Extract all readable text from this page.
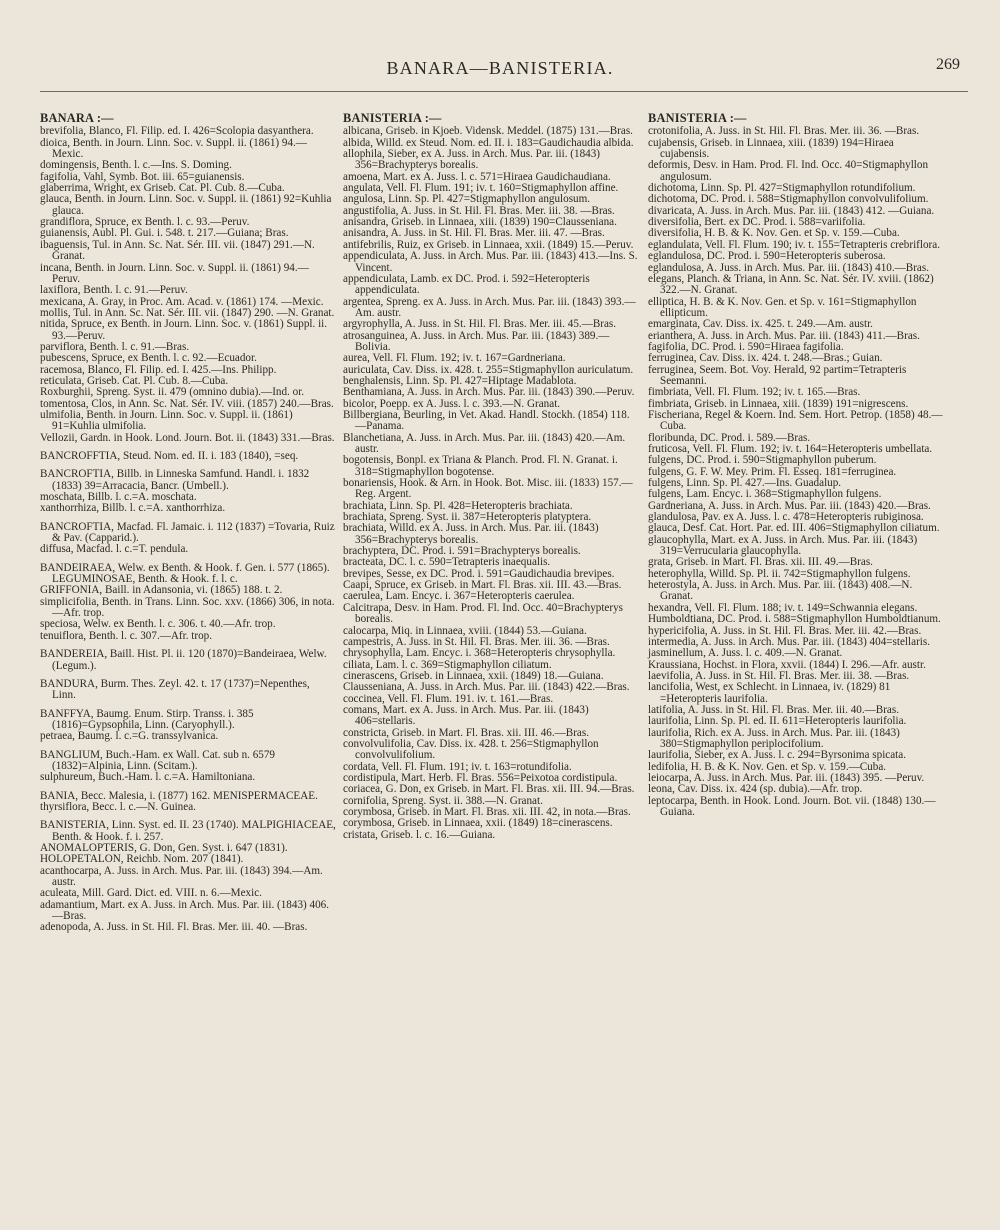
BANARA—BANISTERIA.	269

BANARA :—

brevifolia, Blanco, Fl. Filip. ed. I. 426=Scolopia dasyanthera.

dioica, Benth. in Journ. Linn. Soc. v. Suppl. ii. (1861) 94.—Mexic.

domingensis, Benth. l. c.—Ins. S. Doming.

fagifolia, Vahl, Symb. Bot. iii. 65=guianensis.

glaberrima, Wright, ex Griseb. Cat. Pl. Cub. 8.—Cuba.

glauca, Benth. in Journ. Linn. Soc. v. Suppl. ii. (1861) 92=Kuhlia glauca.

grandiflora, Spruce, ex Benth. l. c. 93.—Peruv.

guianensis, Aubl. Pl. Gui. i. 548. t. 217.—Guiana; Bras.

ibaguensis, Tul. in Ann. Sc. Nat. Sér. III. vii. (1847) 291.—N. Granat.

incana, Benth. in Journ. Linn. Soc. v. Suppl. ii. (1861) 94.—Peruv.

laxiflora, Benth. l. c. 91.—Peruv.

mexicana, A. Gray, in Proc. Am. Acad. v. (1861) 174. —Mexic.

mollis, Tul. in Ann. Sc. Nat. Sér. III. vii. (1847) 290. —N. Granat.

nitida, Spruce, ex Benth. in Journ. Linn. Soc. v. (1861) Suppl. ii. 93.—Peruv.

parviflora, Benth. l. c. 91.—Bras.

pubescens, Spruce, ex Benth. l. c. 92.—Ecuador.

racemosa, Blanco, Fl. Filip. ed. I. 425.—Ins. Philipp.

reticulata, Griseb. Cat. Pl. Cub. 8.—Cuba.

Roxburghii, Spreng. Syst. ii. 479 (omnino dubia).—Ind. or.

tomentosa, Clos, in Ann. Sc. Nat. Sér. IV. viii. (1857) 240.—Bras.

ulmifolia, Benth. in Journ. Linn. Soc. v. Suppl. ii. (1861) 91=Kuhlia ulmifolia.

Vellozii, Gardn. in Hook. Lond. Journ. Bot. ii. (1843) 331.—Bras.

BANCROFFTIA, Steud. Nom. ed. II. i. 183 (1840), =seq.

BANCROFTIA, Billb. in Linneska Samfund. Handl. i. 1832 (1833) 39=Arracacia, Bancr. (Umbell.).

moschata, Billb. l. c.=A. moschata.

xanthorrhiza, Billb. l. c.=A. xanthorrhiza.

BANCROFTIA, Macfad. Fl. Jamaic. i. 112 (1837) =Tovaria, Ruiz & Pav. (Capparid.).

diffusa, Macfad. l. c.=T. pendula.

BANDEIRAEA, Welw. ex Benth. & Hook. f. Gen. i. 577 (1865). LEGUMINOSAE, Benth. & Hook. f. l. c.

GRIFFONIA, Baill. in Adansonia, vi. (1865) 188. t. 2.

simplicifolia, Benth. in Trans. Linn. Soc. xxv. (1866) 306, in nota.—Afr. trop.

speciosa, Welw. ex Benth. l. c. 306. t. 40.—Afr. trop.

tenuiflora, Benth. l. c. 307.—Afr. trop.

BANDEREIA, Baill. Hist. Pl. ii. 120 (1870)=Bandeiraea, Welw. (Legum.).

BANDURA, Burm. Thes. Zeyl. 42. t. 17 (1737)=Nepenthes, Linn.

BANFFYA, Baumg. Enum. Stirp. Transs. i. 385 (1816)=Gypsophila, Linn. (Caryophyll.).

petraea, Baumg. l. c.=G. transsylvanica.

BANGLIUM, Buch.-Ham. ex Wall. Cat. sub n. 6579 (1832)=Alpinia, Linn. (Scitam.).

sulphureum, Buch.-Ham. l. c.=A. Hamiltoniana.

BANIA, Becc. Malesia, i. (1877) 162. MENISPERMACEAE.

thyrsiflora, Becc. l. c.—N. Guinea.

BANISTERIA, Linn. Syst. ed. II. 23 (1740). MALPIGHIACEAE, Benth. & Hook. f. i. 257.

ANOMALOPTERIS, G. Don, Gen. Syst. i. 647 (1831).

HOLOPETALON, Reichb. Nom. 207 (1841).

acanthocarpa, A. Juss. in Arch. Mus. Par. iii. (1843) 394.—Am. austr.

aculeata, Mill. Gard. Dict. ed. VIII. n. 6.—Mexic.

adamantium, Mart. ex A. Juss. in Arch. Mus. Par. iii. (1843) 406.—Bras.

adenopoda, A. Juss. in St. Hil. Fl. Bras. Mer. iii. 40. —Bras.

BANISTERIA :—

albicana, Griseb. in Kjoeb. Vidensk. Meddel. (1875) 131.—Bras.

albida, Willd. ex Steud. Nom. ed. II. i. 183=Gaudichaudia albida.

allophila, Sieber, ex A. Juss. in Arch. Mus. Par. iii. (1843) 356=Brachypterys borealis.

amoena, Mart. ex A. Juss. l. c. 571=Hiraea Gaudichaudiana.

angulata, Vell. Fl. Flum. 191; iv. t. 160=Stigmaphyllon affine.

angulosa, Linn. Sp. Pl. 427=Stigmaphyllon angulosum.

angustifolia, A. Juss. in St. Hil. Fl. Bras. Mer. iii. 38. —Bras.

anisandra, Griseb. in Linnaea, xiii. (1839) 190=Clausseniana.

anisandra, A. Juss. in St. Hil. Fl. Bras. Mer. iii. 47. —Bras.

antifebrilis, Ruiz, ex Griseb. in Linnaea, xxii. (1849) 15.—Peruv.

appendiculata, A. Juss. in Arch. Mus. Par. iii. (1843) 413.—Ins. S. Vincent.

appendiculata, Lamb. ex DC. Prod. i. 592=Heteropteris appendiculata.

argentea, Spreng. ex A. Juss. in Arch. Mus. Par. iii. (1843) 393.—Am. austr.

argyrophylla, A. Juss. in St. Hil. Fl. Bras. Mer. iii. 45.—Bras.

atrosanguinea, A. Juss. in Arch. Mus. Par. iii. (1843) 389.—Bolivia.

aurea, Vell. Fl. Flum. 192; iv. t. 167=Gardneriana.

auriculata, Cav. Diss. ix. 428. t. 255=Stigmaphyllon auriculatum.

benghalensis, Linn. Sp. Pl. 427=Hiptage Madablota.

Benthamiana, A. Juss. in Arch. Mus. Par. iii. (1843) 390.—Peruv.

bicolor, Poepp. ex A. Juss. l. c. 393.—N. Granat.

Billbergiana, Beurling, in Vet. Akad. Handl. Stockh. (1854) 118.—Panama.

Blanchetiana, A. Juss. in Arch. Mus. Par. iii. (1843) 420.—Am. austr.

bogotensis, Bonpl. ex Triana & Planch. Prod. Fl. N. Granat. i. 318=Stigmaphyllon bogotense.

bonariensis, Hook. & Arn. in Hook. Bot. Misc. iii. (1833) 157.—Reg. Argent.

brachiata, Linn. Sp. Pl. 428=Heteropteris brachiata.

brachiata, Spreng. Syst. ii. 387=Heteropteris platyptera.

brachiata, Willd. ex A. Juss. in Arch. Mus. Par. iii. (1843) 356=Brachypterys borealis.

brachyptera, DC. Prod. i. 591=Brachypterys borealis.

bracteata, DC. l. c. 590=Tetrapteris inaequalis.

brevipes, Sesse, ex DC. Prod. i. 591=Gaudichaudia brevipes.

Caapi, Spruce, ex Griseb. in Mart. Fl. Bras. xii. III. 43.—Bras.

caerulea, Lam. Encyc. i. 367=Heteropteris caerulea.

Calcitrapa, Desv. in Ham. Prod. Fl. Ind. Occ. 40=Brachypterys borealis.

calocarpa, Miq. in Linnaea, xviii. (1844) 53.—Guiana.

campestris, A. Juss. in St. Hil. Fl. Bras. Mer. iii. 36. —Bras.

chrysophylla, Lam. Encyc. i. 368=Heteropteris chrysophylla.

ciliata, Lam. l. c. 369=Stigmaphyllon ciliatum.

cinerascens, Griseb. in Linnaea, xxii. (1849) 18.—Guiana.

Clausseniana, A. Juss. in Arch. Mus. Par. iii. (1843) 422.—Bras.

coccinea, Vell. Fl. Flum. 191. iv. t. 161.—Bras.

comans, Mart. ex A. Juss. in Arch. Mus. Par. iii. (1843) 406=stellaris.

constricta, Griseb. in Mart. Fl. Bras. xii. III. 46.—Bras.

convolvulifolia, Cav. Diss. ix. 428. t. 256=Stigmaphyllon convolvulifolium.

cordata, Vell. Fl. Flum. 191; iv. t. 163=rotundifolia.

cordistipula, Mart. Herb. Fl. Bras. 556=Peixotoa cordistipula.

coriacea, G. Don, ex Griseb. in Mart. Fl. Bras. xii. III. 94.—Bras.

cornifolia, Spreng. Syst. ii. 388.—N. Granat.

corymbosa, Griseb. in Mart. Fl. Bras. xii. III. 42, in nota.—Bras.

corymbosa, Griseb. in Linnaea, xxii. (1849) 18=cinerascens.

cristata, Griseb. l. c. 16.—Guiana.

BANISTERIA :—

crotonifolia, A. Juss. in St. Hil. Fl. Bras. Mer. iii. 36. —Bras.

cujabensis, Griseb. in Linnaea, xiii. (1839) 194=Hiraea cujabensis.

deformis, Desv. in Ham. Prod. Fl. Ind. Occ. 40=Stigmaphyllon angulosum.

dichotoma, Linn. Sp. Pl. 427=Stigmaphyllon rotundifolium.

dichotoma, DC. Prod. i. 588=Stigmaphyllon convolvulifolium.

divaricata, A. Juss. in Arch. Mus. Par. iii. (1843) 412. —Guiana.

diversifolia, Bert. ex DC. Prod. i. 588=variifolia.

diversifolia, H. B. & K. Nov. Gen. et Sp. v. 159.—Cuba.

eglandulata, Vell. Fl. Flum. 190; iv. t. 155=Tetrapteris crebriflora.

eglandulosa, DC. Prod. i. 590=Heteropteris suberosa.

eglandulosa, A. Juss. in Arch. Mus. Par. iii. (1843) 410.—Bras.

elegans, Planch. & Triana, in Ann. Sc. Nat. Sér. IV. xviii. (1862) 322.—N. Granat.

elliptica, H. B. & K. Nov. Gen. et Sp. v. 161=Stigmaphyllon ellipticum.

emarginata, Cav. Diss. ix. 425. t. 249.—Am. austr.

erianthera, A. Juss. in Arch. Mus. Par. iii. (1843) 411.—Bras.

fagifolia, DC. Prod. i. 590=Hiraea fagifolia.

ferruginea, Cav. Diss. ix. 424. t. 248.—Bras.; Guian.

ferruginea, Seem. Bot. Voy. Herald, 92 partim=Tetrapteris Seemanni.

fimbriata, Vell. Fl. Flum. 192; iv. t. 165.—Bras.

fimbriata, Griseb. in Linnaea, xiii. (1839) 191=nigrescens.

Fischeriana, Regel & Koern. Ind. Sem. Hort. Petrop. (1858) 48.—Cuba.

floribunda, DC. Prod. i. 589.—Bras.

fruticosa, Vell. Fl. Flum. 192; iv. t. 164=Heteropteris umbellata.

fulgens, DC. Prod. i. 590=Stigmaphyllon puberum.

fulgens, G. F. W. Mey. Prim. Fl. Esseq. 181=ferruginea.

fulgens, Linn. Sp. Pl. 427.—Ins. Guadalup.

fulgens, Lam. Encyc. i. 368=Stigmaphyllon fulgens.

Gardneriana, A. Juss. in Arch. Mus. Par. iii. (1843) 420.—Bras.

glandulosa, Pav. ex A. Juss. l. c. 478=Heteropteris rubiginosa.

glauca, Desf. Cat. Hort. Par. ed. III. 406=Stigmaphyllon ciliatum.

glaucophylla, Mart. ex A. Juss. in Arch. Mus. Par. iii. (1843) 319=Verrucularia glaucophylla.

grata, Griseb. in Mart. Fl. Bras. xii. III. 49.—Bras.

heterophylla, Willd. Sp. Pl. ii. 742=Stigmaphyllon fulgens.

heterostyla, A. Juss. in Arch. Mus. Par. iii. (1843) 408.—N. Granat.

hexandra, Vell. Fl. Flum. 188; iv. t. 149=Schwannia elegans.

Humboldtiana, DC. Prod. i. 588=Stigmaphyllon Humboldtianum.

hypericifolia, A. Juss. in St. Hil. Fl. Bras. Mer. iii. 42.—Bras.

intermedia, A. Juss. in Arch. Mus. Par. iii. (1843) 404=stellaris.

jasminellum, A. Juss. l. c. 409.—N. Granat.

Kraussiana, Hochst. in Flora, xxvii. (1844) I. 296.—Afr. austr.

laevifolia, A. Juss. in St. Hil. Fl. Bras. Mer. iii. 38. —Bras.

lancifolia, West, ex Schlecht. in Linnaea, iv. (1829) 81 =Heteropteris laurifolia.

latifolia, A. Juss. in St. Hil. Fl. Bras. Mer. iii. 40.—Bras.

laurifolia, Linn. Sp. Pl. ed. II. 611=Heteropteris laurifolia.

laurifolia, Rich. ex A. Juss. in Arch. Mus. Par. iii. (1843) 380=Stigmaphyllon periplocifolium.

laurifolia, Sieber, ex A. Juss. l. c. 294=Byrsonima spicata.

ledifolia, H. B. & K. Nov. Gen. et Sp. v. 159.—Cuba.

leiocarpa, A. Juss. in Arch. Mus. Par. iii. (1843) 395. —Peruv.

leona, Cav. Diss. ix. 424 (sp. dubia).—Afr. trop.

leptocarpa, Benth. in Hook. Lond. Journ. Bot. vii. (1848) 130.—Guiana.
